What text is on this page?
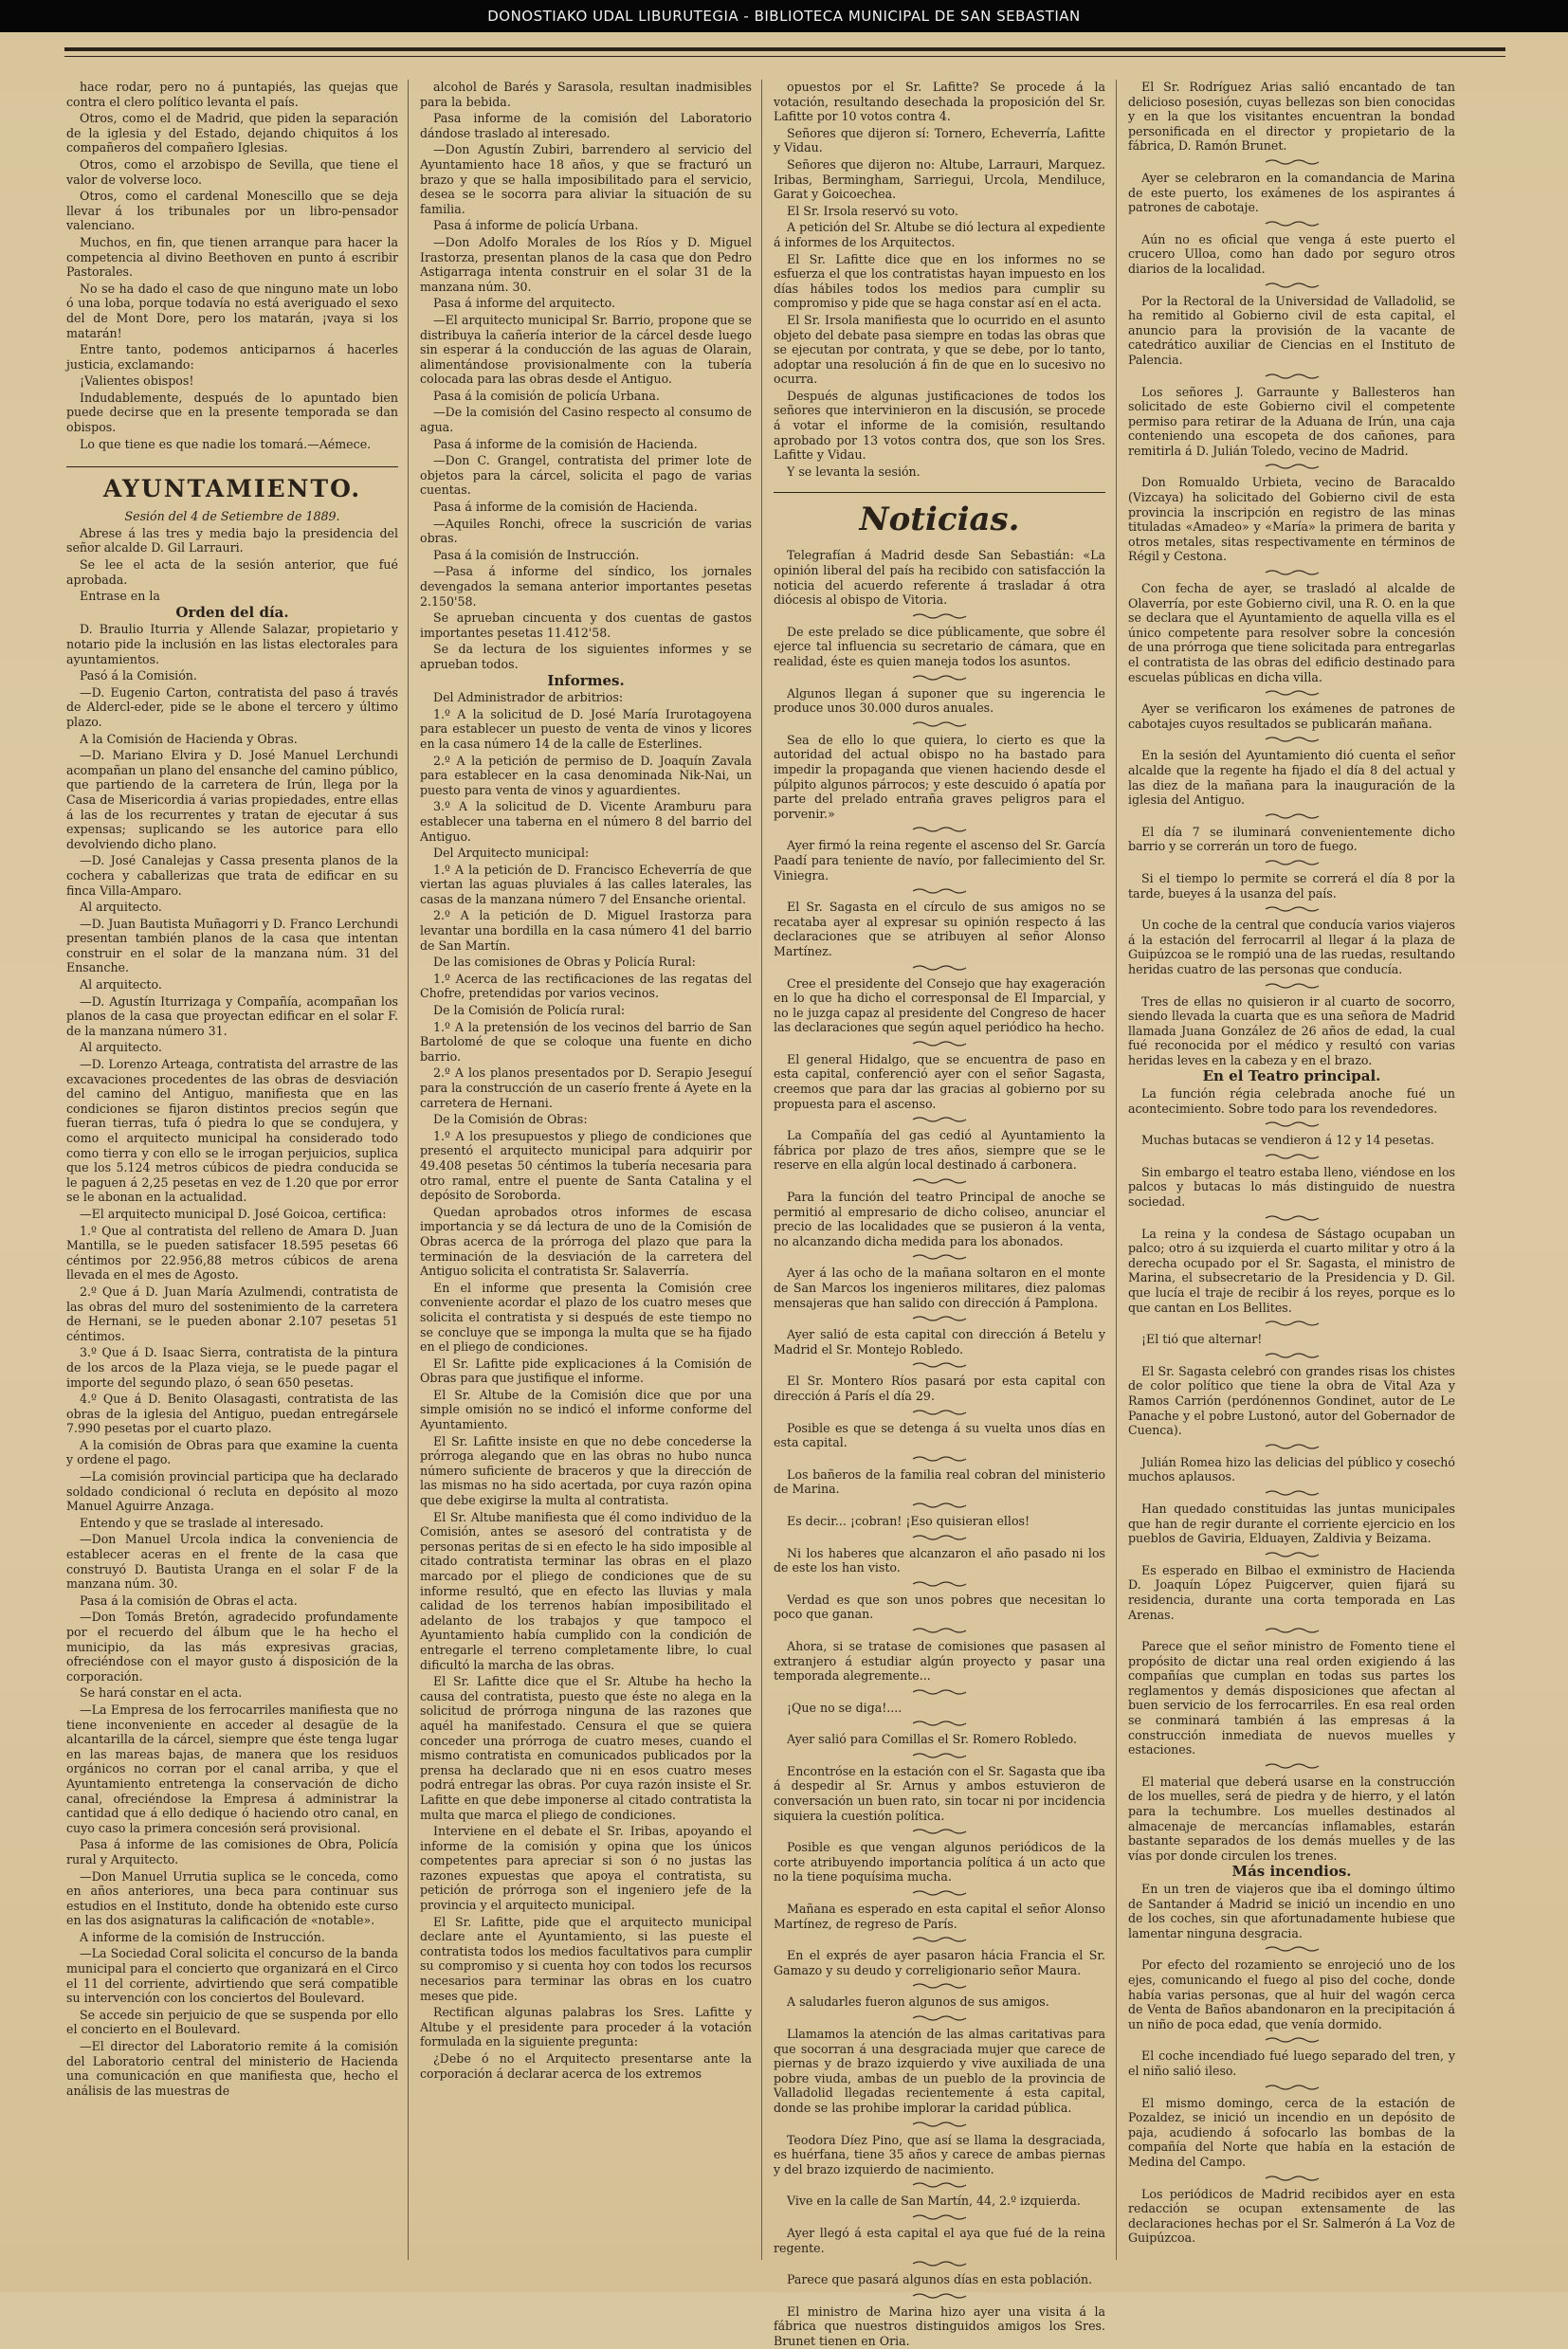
DONOSTIAKO UDAL LIBURUTEGIA - BIBLIOTECA MUNICIPAL DE SAN SEBASTIAN

hace rodar, pero no á puntapiés, las quejas que contra el clero político levanta el país.

Otros, como el de Madrid, que piden la separación de la iglesia y del Estado, dejando chiquitos á los compañeros del compañero Iglesias.

Otros, como el arzobispo de Sevilla, que tiene el valor de volverse loco.

Otros, como el cardenal Monescillo que se deja llevar á los tribunales por un libro-pensador valenciano.

Muchos, en fin, que tienen arranque para hacer la competencia al divino Beethoven en punto á escribir Pastorales.

No se ha dado el caso de que ninguno mate un lobo ó una loba, porque todavía no está averiguado el sexo del de Mont Dore, pero los matarán, ¡vaya si los matarán!

Entre tanto, podemos anticiparnos á hacerles justicia, exclamando:

¡Valientes obispos!

Indudablemente, después de lo apuntado bien puede decirse que en la presente temporada se dan obispos.

Lo que tiene es que nadie los tomará.—Aémece.

AYUNTAMIENTO.

Sesión del 4 de Setiembre de 1889.

Abrese á las tres y media bajo la presidencia del señor alcalde D. Gil Larrauri.

Se lee el acta de la sesión anterior, que fué aprobada.

Entrase en la

Orden del día.

D. Braulio Iturria y Allende Salazar, propietario y notario pide la inclusión en las listas electorales para ayuntamientos.

Pasó á la Comisión.

—D. Eugenio Carton, contratista del paso á través de Aldercl-eder, pide se le abone el tercero y último plazo.

A la Comisión de Hacienda y Obras.

—D. Mariano Elvira y D. José Manuel Lerchundi acompañan un plano del ensanche del camino público, que partiendo de la carretera de Irún, llega por la Casa de Misericordia á varias propiedades, entre ellas á las de los recurrentes y tratan de ejecutar á sus expensas; suplicando se les autorice para ello devolviendo dicho plano.

—D. José Canalejas y Cassa presenta planos de la cochera y caballerizas que trata de edificar en su finca Villa-Amparo.

Al arquitecto.

—D. Juan Bautista Muñagorri y D. Franco Lerchundi presentan también planos de la casa que intentan construir en el solar de la manzana núm. 31 del Ensanche.

Al arquitecto.

—D. Agustín Iturrizaga y Compañía, acompañan los planos de la casa que proyectan edificar en el solar F. de la manzana número 31.

Al arquitecto.

—D. Lorenzo Arteaga, contratista del arrastre de las excavaciones procedentes de las obras de desviación del camino del Antiguo, manifiesta que en las condiciones se fijaron distintos precios según que fueran tierras, tufa ó piedra lo que se condujera, y como el arquitecto municipal ha considerado todo como tierra y con ello se le irrogan perjuicios, suplica que los 5.124 metros cúbicos de piedra conducida se le paguen á 2,25 pesetas en vez de 1.20 que por error se le abonan en la actualidad.

—El arquitecto municipal D. José Goicoa, certifica:

1.º Que al contratista del relleno de Amara D. Juan Mantilla, se le pueden satisfacer 18.595 pesetas 66 céntimos por 22.956,88 metros cúbicos de arena llevada en el mes de Agosto.

2.º Que á D. Juan María Azulmendi, contratista de las obras del muro del sostenimiento de la carretera de Hernani, se le pueden abonar 2.107 pesetas 51 céntimos.

3.º Que á D. Isaac Sierra, contratista de la pintura de los arcos de la Plaza vieja, se le puede pagar el importe del segundo plazo, ó sean 650 pesetas.

4.º Que á D. Benito Olasagasti, contratista de las obras de la iglesia del Antiguo, puedan entregársele 7.990 pesetas por el cuarto plazo.

A la comisión de Obras para que examine la cuenta y ordene el pago.

—La comisión provincial participa que ha declarado soldado condicional ó recluta en depósito al mozo Manuel Aguirre Anzaga.

Entendo y que se traslade al interesado.

—Don Manuel Urcola indica la conveniencia de establecer aceras en el frente de la casa que construyó D. Bautista Uranga en el solar F de la manzana núm. 30.

Pasa á la comisión de Obras el acta.

—Don Tomás Bretón, agradecido profundamente por el recuerdo del álbum que le ha hecho el municipio, da las más expresivas gracias, ofreciéndose con el mayor gusto á disposición de la corporación.

Se hará constar en el acta.

—La Empresa de los ferrocarriles manifiesta que no tiene inconveniente en acceder al desagüe de la alcantarilla de la cárcel, siempre que éste tenga lugar en las mareas bajas, de manera que los residuos orgánicos no corran por el canal arriba, y que el Ayuntamiento entretenga la conservación de dicho canal, ofreciéndose la Empresa á administrar la cantidad que á ello dedique ó haciendo otro canal, en cuyo caso la primera concesión será provisional.

Pasa á informe de las comisiones de Obra, Policía rural y Arquitecto.

—Don Manuel Urrutia suplica se le conceda, como en años anteriores, una beca para continuar sus estudios en el Instituto, donde ha obtenido este curso en las dos asignaturas la calificación de «notable».

A informe de la comisión de Instrucción.

—La Sociedad Coral solicita el concurso de la banda municipal para el concierto que organizará en el Circo el 11 del corriente, advirtiendo que será compatible su intervención con los conciertos del Boulevard.

Se accede sin perjuicio de que se suspenda por ello el concierto en el Boulevard.

—El director del Laboratorio remite á la comisión del Laboratorio central del ministerio de Hacienda una comunicación en que manifiesta que, hecho el análisis de las muestras de

alcohol de Barés y Sarasola, resultan inadmisibles para la bebida.

Pasa informe de la comisión del Laboratorio dándose traslado al interesado.

—Don Agustín Zubiri, barrendero al servicio del Ayuntamiento hace 18 años, y que se fracturó un brazo y que se halla imposibilitado para el servicio, desea se le socorra para aliviar la situación de su familia.

Pasa á informe de policía Urbana.

—Don Adolfo Morales de los Ríos y D. Miguel Irastorza, presentan planos de la casa que don Pedro Astigarraga intenta construir en el solar 31 de la manzana núm. 30.

Pasa á informe del arquitecto.

—El arquitecto municipal Sr. Barrio, propone que se distribuya la cañería interior de la cárcel desde luego sin esperar á la conducción de las aguas de Olarain, alimentándose provisionalmente con la tubería colocada para las obras desde el Antiguo.

Pasa á la comisión de policía Urbana.

—De la comisión del Casino respecto al consumo de agua.

Pasa á informe de la comisión de Hacienda.

—Don C. Grangel, contratista del primer lote de objetos para la cárcel, solicita el pago de varias cuentas.

Pasa á informe de la comisión de Hacienda.

—Aquiles Ronchi, ofrece la suscrición de varias obras.

Pasa á la comisión de Instrucción.

—Pasa á informe del síndico, los jornales devengados la semana anterior importantes pesetas 2.150'58.

Se aprueban cincuenta y dos cuentas de gastos importantes pesetas 11.412'58.

Se da lectura de los siguientes informes y se aprueban todos.

Informes.

Del Administrador de arbitrios:

1.º A la solicitud de D. José María Irurotagoyena para establecer un puesto de venta de vinos y licores en la casa número 14 de la calle de Esterlines.

2.º A la petición de permiso de D. Joaquín Zavala para establecer en la casa denominada Nik-Nai, un puesto para venta de vinos y aguardientes.

3.º A la solicitud de D. Vicente Aramburu para establecer una taberna en el número 8 del barrio del Antiguo.

Del Arquitecto municipal:

1.º A la petición de D. Francisco Echeverría de que viertan las aguas pluviales á las calles laterales, las casas de la manzana número 7 del Ensanche oriental.

2.º A la petición de D. Miguel Irastorza para levantar una bordilla en la casa número 41 del barrio de San Martín.

De las comisiones de Obras y Policía Rural:

1.º Acerca de las rectificaciones de las regatas del Chofre, pretendidas por varios vecinos.

De la Comisión de Policía rural:

1.º A la pretensión de los vecinos del barrio de San Bartolomé de que se coloque una fuente en dicho barrio.

2.º A los planos presentados por D. Serapio Jeseguí para la construcción de un caserío frente á Ayete en la carretera de Hernani.

De la Comisión de Obras:

1.º A los presupuestos y pliego de condiciones que presentó el arquitecto municipal para adquirir por 49.408 pesetas 50 céntimos la tubería necesaria para otro ramal, entre el puente de Santa Catalina y el depósito de Soroborda.

Quedan aprobados otros informes de escasa importancia y se dá lectura de uno de la Comisión de Obras acerca de la prórroga del plazo que para la terminación de la desviación de la carretera del Antiguo solicita el contratista Sr. Salaverría.

En el informe que presenta la Comisión cree conveniente acordar el plazo de los cuatro meses que solicita el contratista y si después de este tiempo no se concluye que se imponga la multa que se ha fijado en el pliego de condiciones.

El Sr. Lafitte pide explicaciones á la Comisión de Obras para que justifique el informe.

El Sr. Altube de la Comisión dice que por una simple omisión no se indicó el informe conforme del Ayuntamiento.

El Sr. Lafitte insiste en que no debe concederse la prórroga alegando que en las obras no hubo nunca número suficiente de braceros y que la dirección de las mismas no ha sido acertada, por cuya razón opina que debe exigirse la multa al contratista.

El Sr. Altube manifiesta que él como individuo de la Comisión, antes se asesoró del contratista y de personas peritas de si en efecto le ha sido imposible al citado contratista terminar las obras en el plazo marcado por el pliego de condiciones que de su informe resultó, que en efecto las lluvias y mala calidad de los terrenos habían imposibilitado el adelanto de los trabajos y que tampoco el Ayuntamiento había cumplido con la condición de entregarle el terreno completamente libre, lo cual dificultó la marcha de las obras.

El Sr. Lafitte dice que el Sr. Altube ha hecho la causa del contratista, puesto que éste no alega en la solicitud de prórroga ninguna de las razones que aquél ha manifestado. Censura el que se quiera conceder una prórroga de cuatro meses, cuando el mismo contratista en comunicados publicados por la prensa ha declarado que ni en esos cuatro meses podrá entregar las obras. Por cuya razón insiste el Sr. Lafitte en que debe imponerse al citado contratista la multa que marca el pliego de condiciones.

Interviene en el debate el Sr. Iribas, apoyando el informe de la comisión y opina que los únicos competentes para apreciar si son ó no justas las razones expuestas que apoya el contratista, su petición de prórroga son el ingeniero jefe de la provincia y el arquitecto municipal.

El Sr. Lafitte, pide que el arquitecto municipal declare ante el Ayuntamiento, si las pueste el contratista todos los medios facultativos para cumplir su compromiso y si cuenta hoy con todos los recursos necesarios para terminar las obras en los cuatro meses que pide.

Rectifican algunas palabras los Sres. Lafitte y Altube y el presidente para proceder á la votación formulada en la siguiente pregunta:

¿Debe ó no el Arquitecto presentarse ante la corporación á declarar acerca de los extremos

opuestos por el Sr. Lafitte? Se procede á la votación, resultando desechada la proposición del Sr. Lafitte por 10 votos contra 4.

Señores que dijeron sí: Tornero, Echeverría, Lafitte y Vidau.

Señores que dijeron no: Altube, Larrauri, Marquez. Iribas, Bermingham, Sarriegui, Urcola, Mendiluce, Garat y Goicoechea.

El Sr. Irsola reservó su voto.

A petición del Sr. Altube se dió lectura al expediente á informes de los Arquitectos.

El Sr. Lafitte dice que en los informes no se esfuerza el que los contratistas hayan impuesto en los días hábiles todos los medios para cumplir su compromiso y pide que se haga constar así en el acta.

El Sr. Irsola manifiesta que lo ocurrido en el asunto objeto del debate pasa siempre en todas las obras que se ejecutan por contrata, y que se debe, por lo tanto, adoptar una resolución á fin de que en lo sucesivo no ocurra.

Después de algunas justificaciones de todos los señores que intervinieron en la discusión, se procede á votar el informe de la comisión, resultando aprobado por 13 votos contra dos, que son los Sres. Lafitte y Vidau.

Y se levanta la sesión.

Noticias.

Telegrafían á Madrid desde San Sebastián: «La opinión liberal del país ha recibido con satisfacción la noticia del acuerdo referente á trasladar á otra diócesis al obispo de Vitoria.

De este prelado se dice públicamente, que sobre él ejerce tal influencia su secretario de cámara, que en realidad, éste es quien maneja todos los asuntos.

Algunos llegan á suponer que su ingerencia le produce unos 30.000 duros anuales.

Sea de ello lo que quiera, lo cierto es que la autoridad del actual obispo no ha bastado para impedir la propaganda que vienen haciendo desde el púlpito algunos párrocos; y este descuido ó apatía por parte del prelado entraña graves peligros para el porvenir.»

Ayer firmó la reina regente el ascenso del Sr. García Paadí para teniente de navío, por fallecimiento del Sr. Viniegra.

El Sr. Sagasta en el círculo de sus amigos no se recataba ayer al expresar su opinión respecto á las declaraciones que se atribuyen al señor Alonso Martínez.

Cree el presidente del Consejo que hay exageración en lo que ha dicho el corresponsal de El Imparcial, y no le juzga capaz al presidente del Congreso de hacer las declaraciones que según aquel periódico ha hecho.

El general Hidalgo, que se encuentra de paso en esta capital, conferenció ayer con el señor Sagasta, creemos que para dar las gracias al gobierno por su propuesta para el ascenso.

La Compañía del gas cedió al Ayuntamiento la fábrica por plazo de tres años, siempre que se le reserve en ella algún local destinado á carbonera.

Para la función del teatro Principal de anoche se permitió al empresario de dicho coliseo, anunciar el precio de las localidades que se pusieron á la venta, no alcanzando dicha medida para los abonados.

Ayer á las ocho de la mañana soltaron en el monte de San Marcos los ingenieros militares, diez palomas mensajeras que han salido con dirección á Pamplona.

Ayer salió de esta capital con dirección á Betelu y Madrid el Sr. Montejo Robledo.

El Sr. Montero Ríos pasará por esta capital con dirección á París el día 29.

Posible es que se detenga á su vuelta unos días en esta capital.

Los bañeros de la familia real cobran del ministerio de Marina.

Es decir... ¡cobran! ¡Eso quisieran ellos!

Ni los haberes que alcanzaron el año pasado ni los de este los han visto.

Verdad es que son unos pobres que necesitan lo poco que ganan.

Ahora, si se tratase de comisiones que pasasen al extranjero á estudiar algún proyecto y pasar una temporada alegremente...

¡Que no se diga!....

Ayer salió para Comillas el Sr. Romero Robledo.

Encontróse en la estación con el Sr. Sagasta que iba á despedir al Sr. Arnus y ambos estuvieron de conversación un buen rato, sin tocar ni por incidencia siquiera la cuestión política.

Posible es que vengan algunos periódicos de la corte atribuyendo importancia política á un acto que no la tiene poquísima mucha.

Mañana es esperado en esta capital el señor Alonso Martínez, de regreso de París.

En el exprés de ayer pasaron hácia Francia el Sr. Gamazo y su deudo y correligionario señor Maura.

A saludarles fueron algunos de sus amigos.

Llamamos la atención de las almas caritativas para que socorran á una desgraciada mujer que carece de piernas y de brazo izquierdo y vive auxiliada de una pobre viuda, ambas de un pueblo de la provincia de Valladolid llegadas recientemente á esta capital, donde se las prohibe implorar la caridad pública.

Teodora Díez Pino, que así se llama la desgraciada, es huérfana, tiene 35 años y carece de ambas piernas y del brazo izquierdo de nacimiento.

Vive en la calle de San Martín, 44, 2.º izquierda.

Ayer llegó á esta capital el aya que fué de la reina regente.

Parece que pasará algunos días en esta población.

El ministro de Marina hizo ayer una visita á la fábrica que nuestros distinguidos amigos los Sres. Brunet tienen en Oria.

El Sr. Rodríguez Arias salió encantado de tan delicioso posesión, cuyas bellezas son bien conocidas y en la que los visitantes encuentran la bondad personificada en el director y propietario de la fábrica, D. Ramón Brunet.

Ayer se celebraron en la comandancia de Marina de este puerto, los exámenes de los aspirantes á patrones de cabotaje.

Aún no es oficial que venga á este puerto el crucero Ulloa, como han dado por seguro otros diarios de la localidad.

Por la Rectoral de la Universidad de Valladolid, se ha remitido al Gobierno civil de esta capital, el anuncio para la provisión de la vacante de catedrático auxiliar de Ciencias en el Instituto de Palencia.

Los señores J. Garraunte y Ballesteros han solicitado de este Gobierno civil el competente permiso para retirar de la Aduana de Irún, una caja conteniendo una escopeta de dos cañones, para remitirla á D. Julián Toledo, vecino de Madrid.

Don Romualdo Urbieta, vecino de Baracaldo (Vizcaya) ha solicitado del Gobierno civil de esta provincia la inscripción en registro de las minas tituladas «Amadeo» y «María» la primera de barita y otros metales, sitas respectivamente en términos de Régil y Cestona.

Con fecha de ayer, se trasladó al alcalde de Olaverría, por este Gobierno civil, una R. O. en la que se declara que el Ayuntamiento de aquella villa es el único competente para resolver sobre la concesión de una prórroga que tiene solicitada para entregarlas el contratista de las obras del edificio destinado para escuelas públicas en dicha villa.

Ayer se verificaron los exámenes de patrones de cabotajes cuyos resultados se publicarán mañana.

En la sesión del Ayuntamiento dió cuenta el señor alcalde que la regente ha fijado el día 8 del actual y las diez de la mañana para la inauguración de la iglesia del Antiguo.

El día 7 se iluminará convenientemente dicho barrio y se correrán un toro de fuego.

Si el tiempo lo permite se correrá el día 8 por la tarde, bueyes á la usanza del país.

Un coche de la central que conducía varios viajeros á la estación del ferrocarril al llegar á la plaza de Guipúzcoa se le rompió una de las ruedas, resultando heridas cuatro de las personas que conducía.

Tres de ellas no quisieron ir al cuarto de socorro, siendo llevada la cuarta que es una señora de Madrid llamada Juana González de 26 años de edad, la cual fué reconocida por el médico y resultó con varias heridas leves en la cabeza y en el brazo.

En el Teatro principal.

La función régia celebrada anoche fué un acontecimiento. Sobre todo para los revendedores.

Muchas butacas se vendieron á 12 y 14 pesetas.

Sin embargo el teatro estaba lleno, viéndose en los palcos y butacas lo más distinguido de nuestra sociedad.

La reina y la condesa de Sástago ocupaban un palco; otro á su izquierda el cuarto militar y otro á la derecha ocupado por el Sr. Sagasta, el ministro de Marina, el subsecretario de la Presidencia y D. Gil. que lucía el traje de recibir á los reyes, porque es lo que cantan en Los Bellites.

¡El tió que alternar!

El Sr. Sagasta celebró con grandes risas los chistes de color político que tiene la obra de Vital Aza y Ramos Carrión (perdónennos Gondinet, autor de Le Panache y el pobre Lustonó, autor del Gobernador de Cuenca).

Julián Romea hizo las delicias del público y cosechó muchos aplausos.

Han quedado constituidas las juntas municipales que han de regir durante el corriente ejercicio en los pueblos de Gaviria, Elduayen, Zaldivia y Beizama.

Es esperado en Bilbao el exministro de Hacienda D. Joaquín López Puigcerver, quien fijará su residencia, durante una corta temporada en Las Arenas.

Parece que el señor ministro de Fomento tiene el propósito de dictar una real orden exigiendo á las compañías que cumplan en todas sus partes los reglamentos y demás disposiciones que afectan al buen servicio de los ferrocarriles. En esa real orden se conminará también á las empresas á la construcción inmediata de nuevos muelles y estaciones.

El material que deberá usarse en la construcción de los muelles, será de piedra y de hierro, y el latón para la techumbre. Los muelles destinados al almacenaje de mercancías inflamables, estarán bastante separados de los demás muelles y de las vías por donde circulen los trenes.

Más incendios.

En un tren de viajeros que iba el domingo último de Santander á Madrid se inició un incendio en uno de los coches, sin que afortunadamente hubiese que lamentar ninguna desgracia.

Por efecto del rozamiento se enrojeció uno de los ejes, comunicando el fuego al piso del coche, donde había varias personas, que al huir del wagón cerca de Venta de Baños abandonaron en la precipitación á un niño de poca edad, que venía dormido.

El coche incendiado fué luego separado del tren, y el niño salió ileso.

El mismo domingo, cerca de la estación de Pozaldez, se inició un incendio en un depósito de paja, acudiendo á sofocarlo las bombas de la compañía del Norte que había en la estación de Medina del Campo.

Los periódicos de Madrid recibidos ayer en esta redacción se ocupan extensamente de las declaraciones hechas por el Sr. Salmerón á La Voz de Guipúzcoa.
